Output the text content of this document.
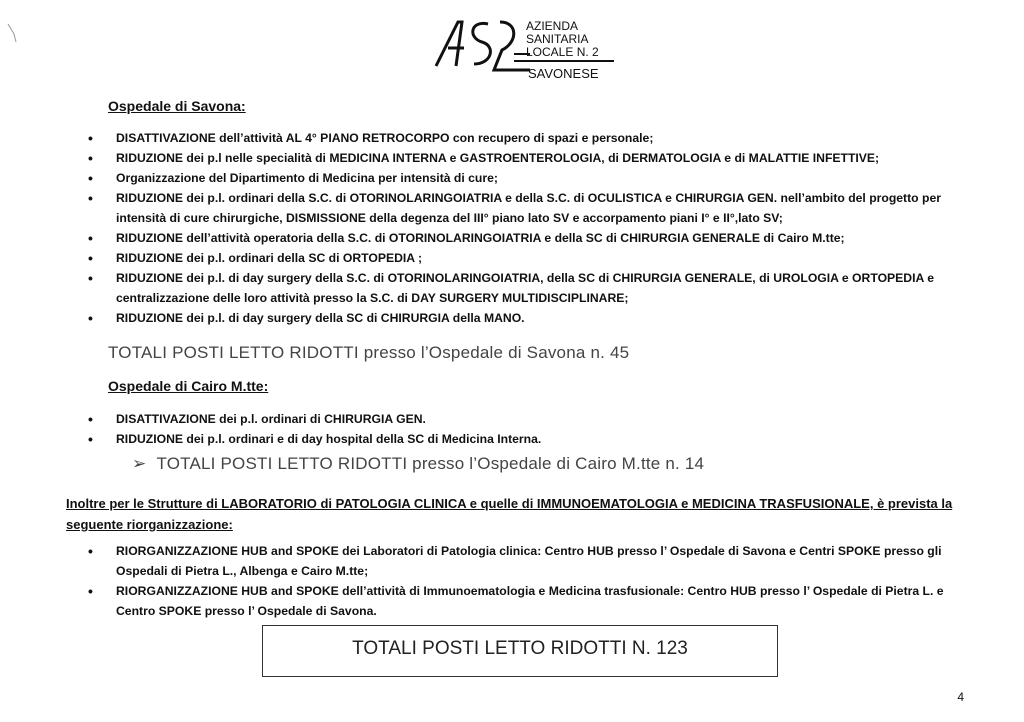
AZIENDA
SANITARIA
LOCALE N. 2
SAVONESE
Ospedale di Savona:
• DISATTIVAZIONE dell’attività AL 4° PIANO RETROCORPO con recupero di spazi e personale;
• RIDUZIONE dei p.l nelle specialità di MEDICINA INTERNA e GASTROENTEROLOGIA, di DERMATOLOGIA e di MALATTIE INFETTIVE;
• Organizzazione del Dipartimento di Medicina per intensità di cure;
• RIDUZIONE dei p.l. ordinari della S.C. di OTORINOLARINGOIATRIA e della S.C. di OCULISTICA e CHIRURGIA GEN. nell’ambito del progetto per intensità di cure chirurgiche, DISMISSIONE della degenza del III° piano lato SV e accorpamento piani I° e II°,lato SV;
• RIDUZIONE dell’attività operatoria della S.C. di OTORINOLARINGOIATRIA e della SC di CHIRURGIA GENERALE di Cairo M.tte;
• RIDUZIONE dei p.l. ordinari della SC di ORTOPEDIA ;
• RIDUZIONE dei p.l. di day surgery della S.C. di OTORINOLARINGOIATRIA, della SC di CHIRURGIA GENERALE, di UROLOGIA e ORTOPEDIA e centralizzazione delle loro attività presso la S.C. di DAY SURGERY MULTIDISCIPLINARE;
• RIDUZIONE dei p.l. di day surgery della SC di CHIRURGIA della MANO.
TOTALI POSTI LETTO RIDOTTI presso l’Ospedale di Savona n. 45
Ospedale di Cairo M.tte:
• DISATTIVAZIONE dei p.l. ordinari di CHIRURGIA GEN.
• RIDUZIONE dei p.l. ordinari e di day hospital della SC di Medicina Interna.
➢ TOTALI POSTI LETTO RIDOTTI presso l’Ospedale di Cairo M.tte n. 14
Inoltre per le Strutture di LABORATORIO di PATOLOGIA CLINICA e quelle di IMMUNOEMATOLOGIA e MEDICINA TRASFUSIONALE, è prevista la seguente riorganizzazione:
• RIORGANIZZAZIONE HUB and SPOKE dei Laboratori di Patologia clinica: Centro HUB presso l’ Ospedale di Savona e Centri SPOKE presso gli Ospedali di Pietra L., Albenga e Cairo M.tte;
• RIORGANIZZAZIONE HUB and SPOKE dell’attività di Immunoematologia e Medicina trasfusionale: Centro HUB presso l’ Ospedale di Pietra L. e Centro SPOKE presso l’ Ospedale di Savona.
TOTALI POSTI LETTO RIDOTTI N. 123
4
